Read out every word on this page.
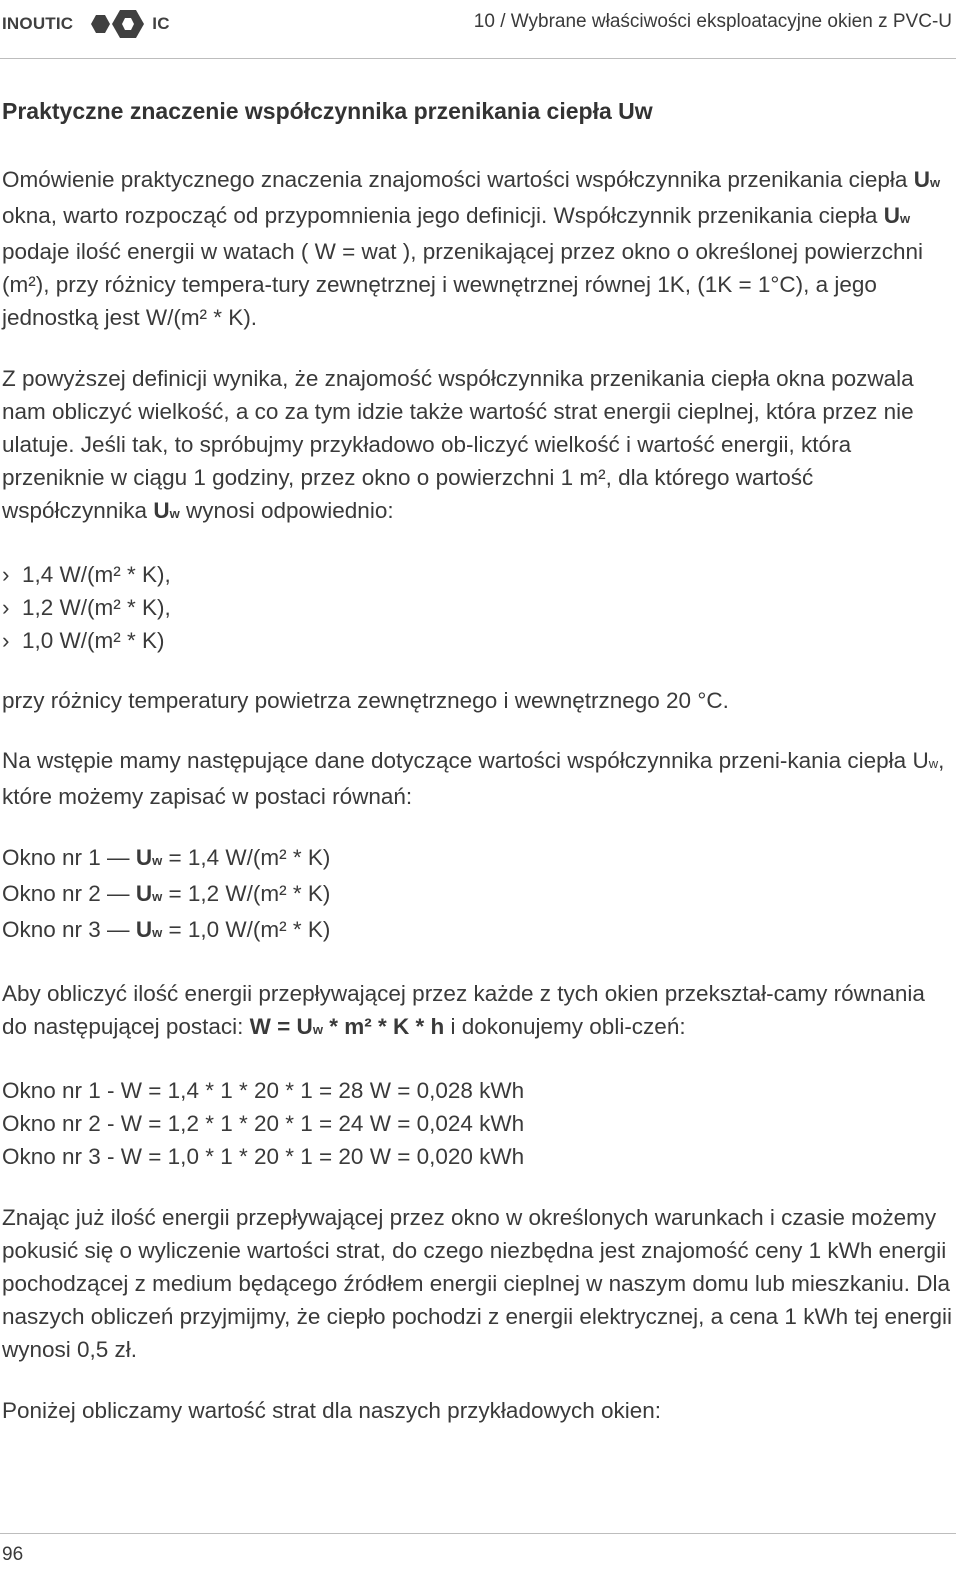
INOUTIC	IC	10 / Wybrane właściwości eksploatacyjne okien z PVC-U
Praktyczne znaczenie współczynnika przenikania ciepła Uw

Omówienie praktycznego znaczenia znajomości wartości współczynnika przenikania ciepła Uw okna, warto rozpocząć od przypomnienia jego definicji. Współczynnik przenikania ciepła Uw podaje ilość energii w watach ( W = wat ), przenikającej przez okno o określonej powierzchni (m²), przy różnicy tempera-tury zewnętrznej i wewnętrznej równej 1K, (1K = 1°C), a jego jednostką jest W/(m² * K).

Z powyższej definicji wynika, że znajomość współczynnika przenikania ciepła okna pozwala nam obliczyć wielkość, a co za tym idzie także wartość strat energii cieplnej, która przez nie ulatuje. Jeśli tak, to spróbujmy przykładowo ob-liczyć wielkość i wartość energii, która przeniknie w ciągu 1 godziny, przez okno o powierzchni 1 m², dla którego wartość współczynnika Uw wynosi odpowiednio:

› 1,4 W/(m² * K),
› 1,2 W/(m² * K),
› 1,0 W/(m² * K)

przy różnicy temperatury powietrza zewnętrznego i wewnętrznego 20 °C.

Na wstępie mamy następujące dane dotyczące wartości współczynnika przeni-kania ciepła Uw, które możemy zapisać w postaci równań:

Okno nr 1 — Uw = 1,4 W/(m² * K)
Okno nr 2 — Uw = 1,2 W/(m² * K)
Okno nr 3 — Uw = 1,0 W/(m² * K)

Aby obliczyć ilość energii przepływającej przez każde z tych okien przekształ-camy równania do następującej postaci: W = Uw * m² * K * h i dokonujemy obli-czeń:

Okno nr 1 - W = 1,4 * 1 * 20 * 1 = 28 W = 0,028 kWh
Okno nr 2 - W = 1,2 * 1 * 20 * 1 = 24 W = 0,024 kWh
Okno nr 3 - W = 1,0 * 1 * 20 * 1 = 20 W = 0,020 kWh

Znając już ilość energii przepływającej przez okno w określonych warunkach i czasie możemy pokusić się o wyliczenie wartości strat, do czego niezbędna jest znajomość ceny 1 kWh energii pochodzącej z medium będącego źródłem energii cieplnej w naszym domu lub mieszkaniu. Dla naszych obliczeń przyjmijmy, że ciepło pochodzi z energii elektrycznej, a cena 1 kWh tej energii wynosi 0,5 zł.

Poniżej obliczamy wartość strat dla naszych przykładowych okien:

96
